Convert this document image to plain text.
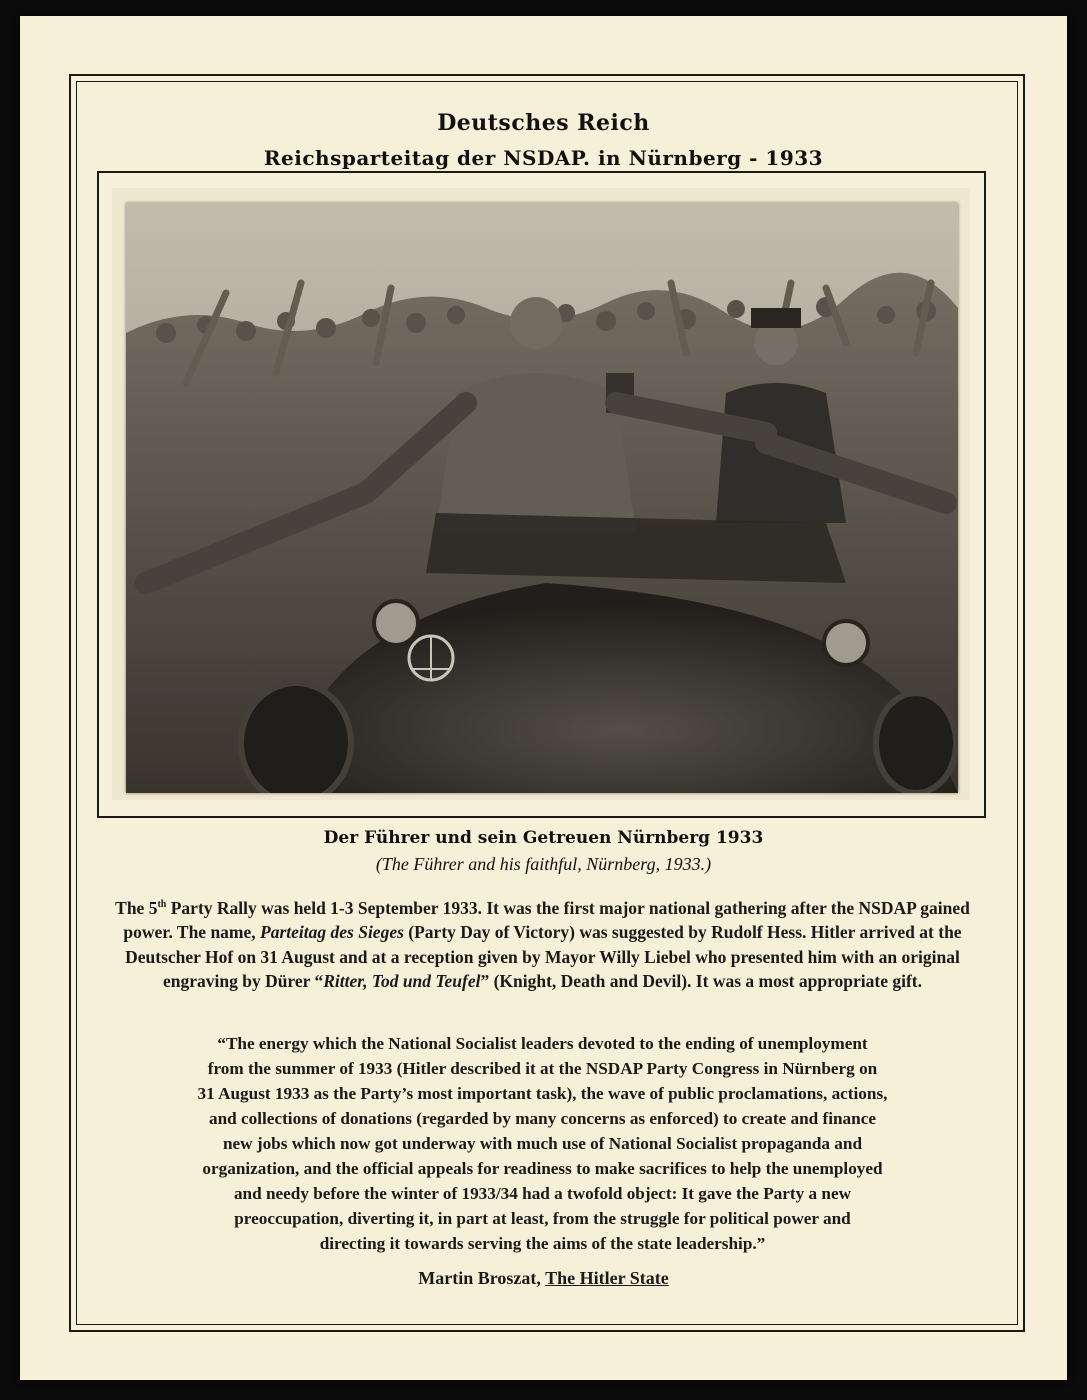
Deutsches Reich
Reichsparteitag der NSDAP. in Nürnberg - 1933
Der Führer und sein Getreuen Nürnberg 1933
(The Führer and his faithful, Nürnberg, 1933.)
The 5th Party Rally was held 1-3 September 1933. It was the first major national gathering after the NSDAP gained power. The name, Parteitag des Sieges (Party Day of Victory) was suggested by Rudolf Hess. Hitler arrived at the Deutscher Hof on 31 August and at a reception given by Mayor Willy Liebel who presented him with an original engraving by Dürer “Ritter, Tod und Teufel” (Knight, Death and Devil). It was a most appropriate gift.
“The energy which the National Socialist leaders devoted to the ending of unemployment
from the summer of 1933 (Hitler described it at the NSDAP Party Congress in Nürnberg on
31 August 1933 as the Party’s most important task), the wave of public proclamations, actions,
and collections of donations (regarded by many concerns as enforced) to create and finance
new jobs which now got underway with much use of National Socialist propaganda and
organization, and the official appeals for readiness to make sacrifices to help the unemployed
and needy before the winter of 1933/34 had a twofold object: It gave the Party a new
preoccupation, diverting it, in part at least, from the struggle for political power and
directing it towards serving the aims of the state leadership.”
Martin Broszat, The Hitler State
